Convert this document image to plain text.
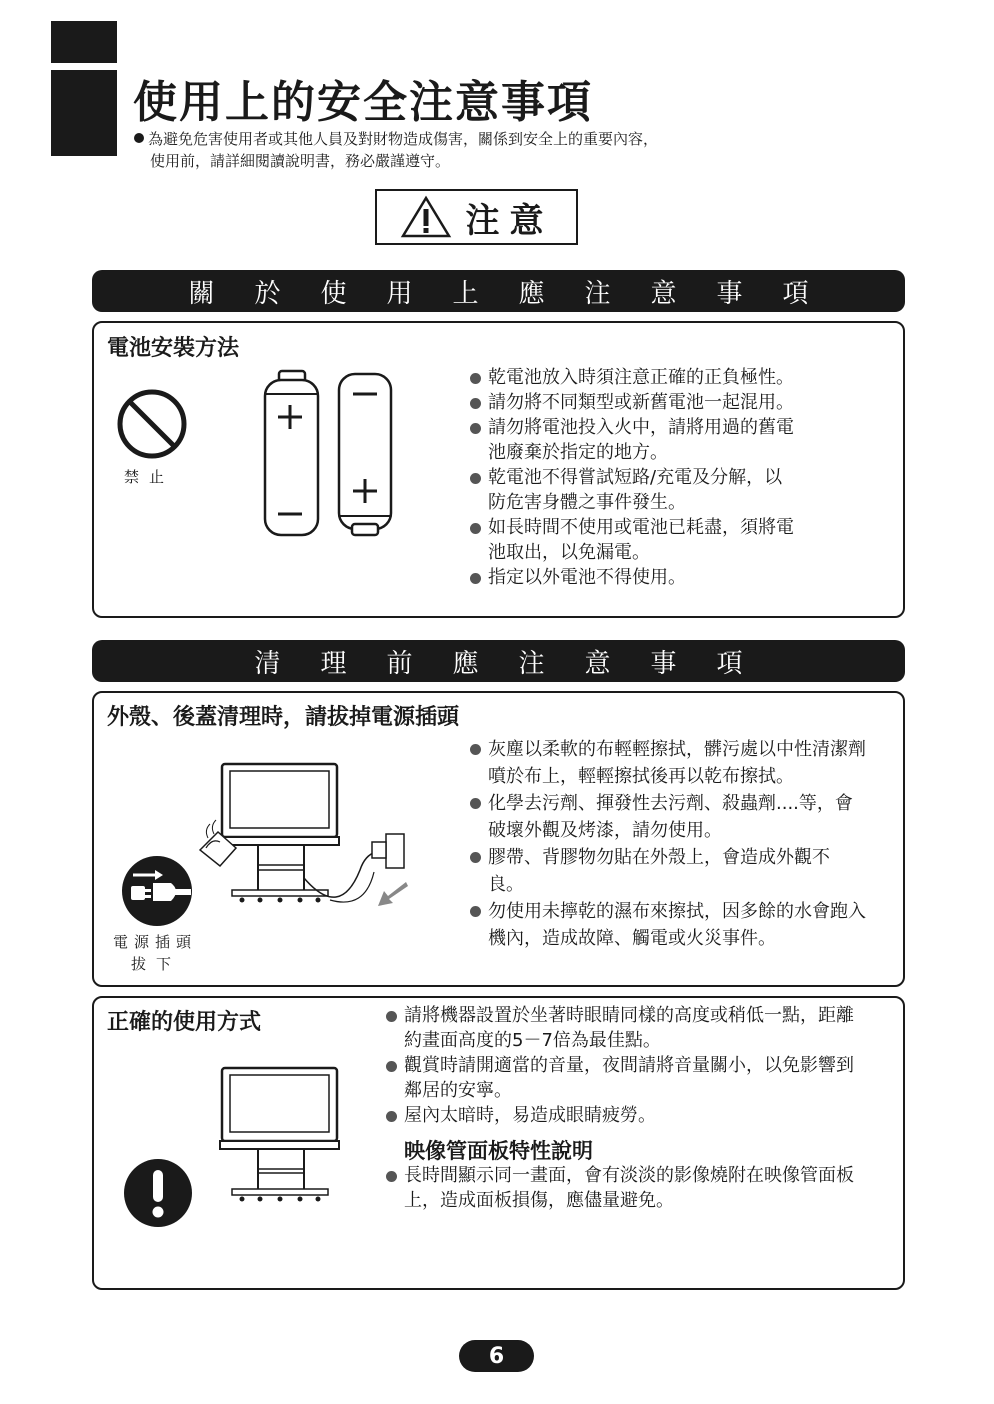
使用上的安全注意事項
為避免危害使用者或其他人員及對財物造成傷害，關係到安全上的重要內容，
使用前，請詳細閱讀說明書，務必嚴謹遵守。
注意
關	於	使	用	上	應	注	意	事	項
電池安裝方法
禁止
乾電池放入時須注意正確的正負極性。
請勿將不同類型或新舊電池一起混用。
請勿將電池投入火中，請將用過的舊電池廢棄於指定的地方。
乾電池不得嘗試短路/充電及分解，以防危害身體之事件發生。
如長時間不使用或電池已耗盡，須將電池取出，以免漏電。
指定以外電池不得使用。
清	理	前	應	注	意	事	項
外殼、後蓋清理時，請拔掉電源插頭
電源插頭
拔下
灰塵以柔軟的布輕輕擦拭，髒污處以中性清潔劑噴於布上，輕輕擦拭後再以乾布擦拭。
化學去污劑、揮發性去污劑、殺蟲劑....等，會破壞外觀及烤漆，請勿使用。
膠帶、背膠物勿貼在外殼上，會造成外觀不良。
勿使用未擰乾的濕布來擦拭，因多餘的水會跑入機內，造成故障、觸電或火災事件。
正確的使用方式	請將機器設置於坐著時眼睛同樣的高度或稍低一點，距離約畫面高度的5－7倍為最佳點。
觀賞時請開適當的音量，夜間請將音量關小，以免影響到鄰居的安寧。
屋內太暗時，易造成眼睛疲勞。
映像管面板特性說明
長時間顯示同一畫面，會有淡淡的影像燒附在映像管面板上，造成面板損傷，應儘量避免。
6
